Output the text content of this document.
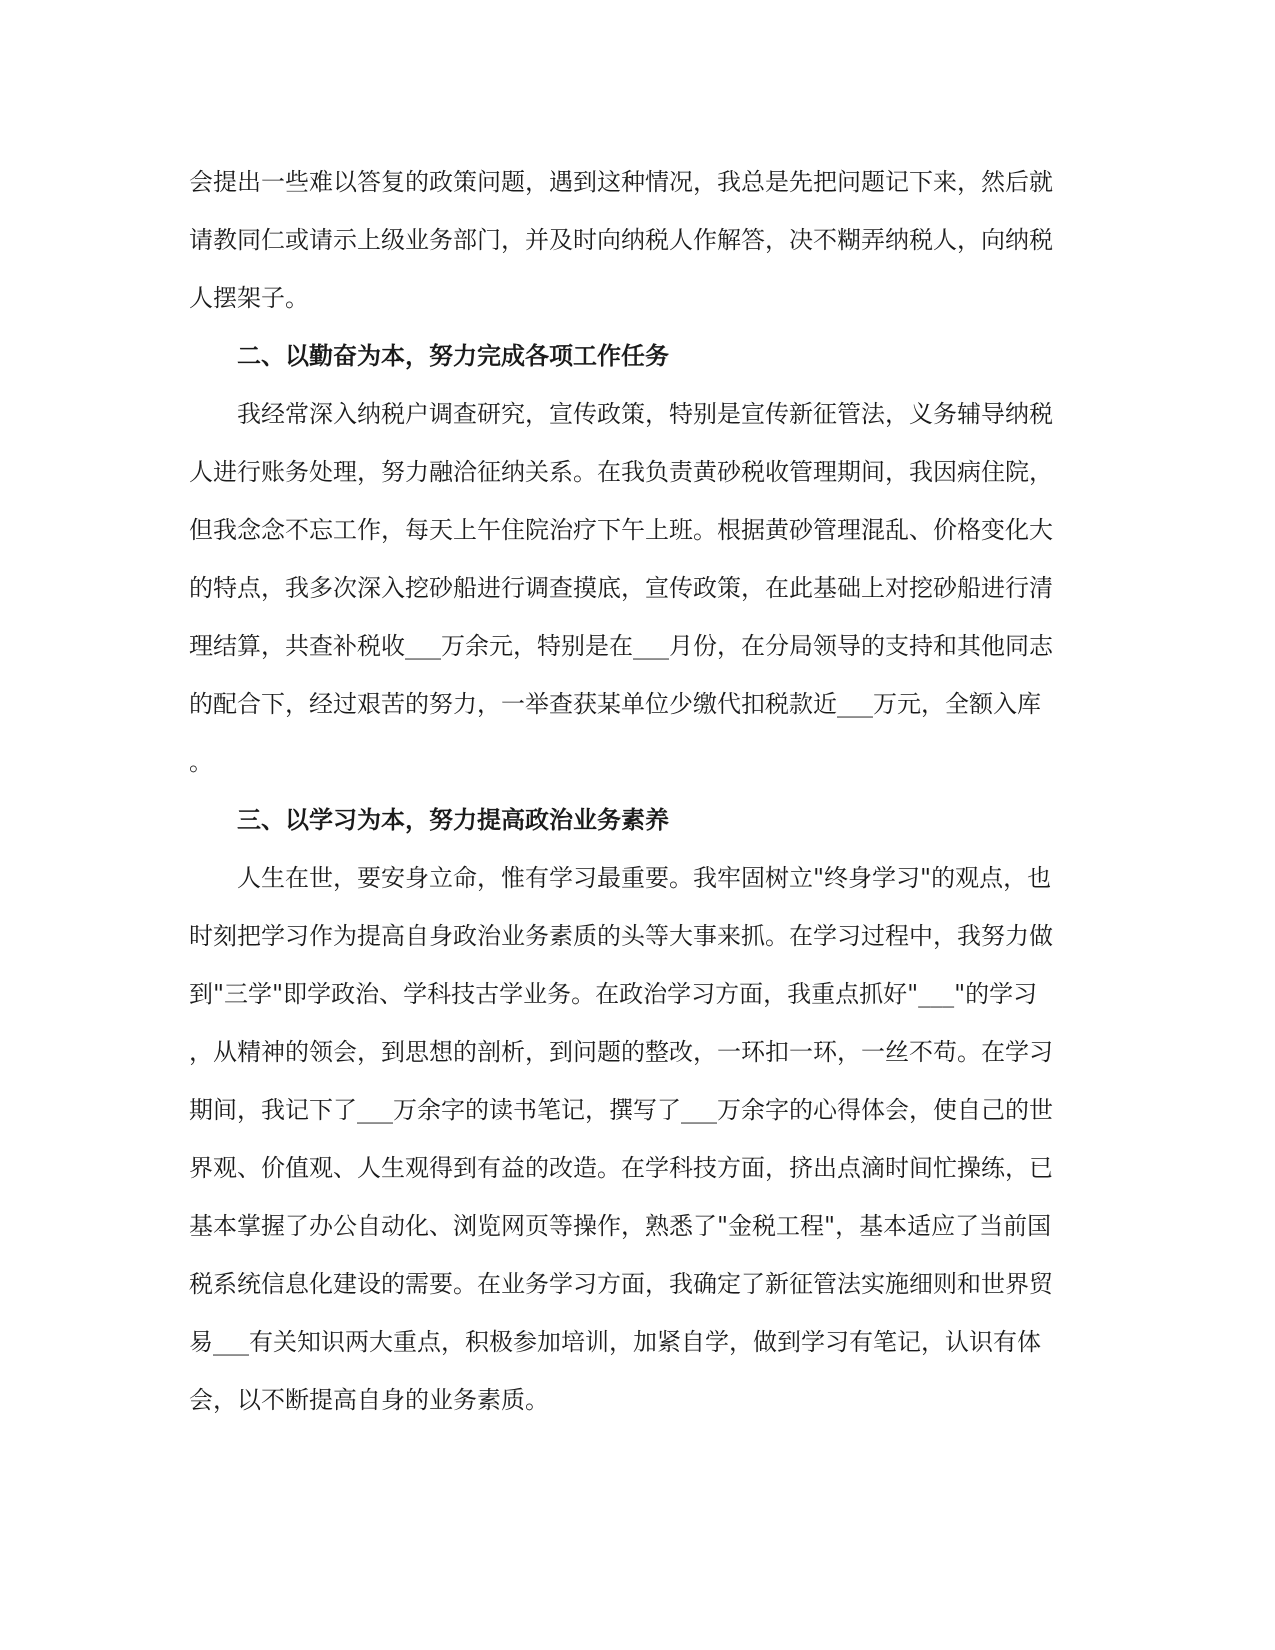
会提出一些难以答复的政策问题，遇到这种情况，我总是先把问题记下来，然后就
请教同仁或请示上级业务部门，并及时向纳税人作解答，决不糊弄纳税人，向纳税
人摆架子。
二、以勤奋为本，努力完成各项工作任务
我经常深入纳税户调查研究，宣传政策，特别是宣传新征管法，义务辅导纳税
人进行账务处理，努力融洽征纳关系。在我负责黄砂税收管理期间，我因病住院，
但我念念不忘工作，每天上午住院治疗下午上班。根据黄砂管理混乱、价格变化大
的特点，我多次深入挖砂船进行调查摸底，宣传政策，在此基础上对挖砂船进行清
理结算，共查补税收___万余元，特别是在___月份，在分局领导的支持和其他同志
的配合下，经过艰苦的努力，一举查获某单位少缴代扣税款近___万元，全额入库
。
三、以学习为本，努力提高政治业务素养
人生在世，要安身立命，惟有学习最重要。我牢固树立"终身学习"的观点，也
时刻把学习作为提高自身政治业务素质的头等大事来抓。在学习过程中，我努力做
到"三学"即学政治、学科技古学业务。在政治学习方面，我重点抓好"___"的学习
，从精神的领会，到思想的剖析，到问题的整改，一环扣一环，一丝不苟。在学习
期间，我记下了___万余字的读书笔记，撰写了___万余字的心得体会，使自己的世
界观、价值观、人生观得到有益的改造。在学科技方面，挤出点滴时间忙操练，已
基本掌握了办公自动化、浏览网页等操作，熟悉了"金税工程"，基本适应了当前国
税系统信息化建设的需要。在业务学习方面，我确定了新征管法实施细则和世界贸
易___有关知识两大重点，积极参加培训，加紧自学，做到学习有笔记，认识有体
会，以不断提高自身的业务素质。
